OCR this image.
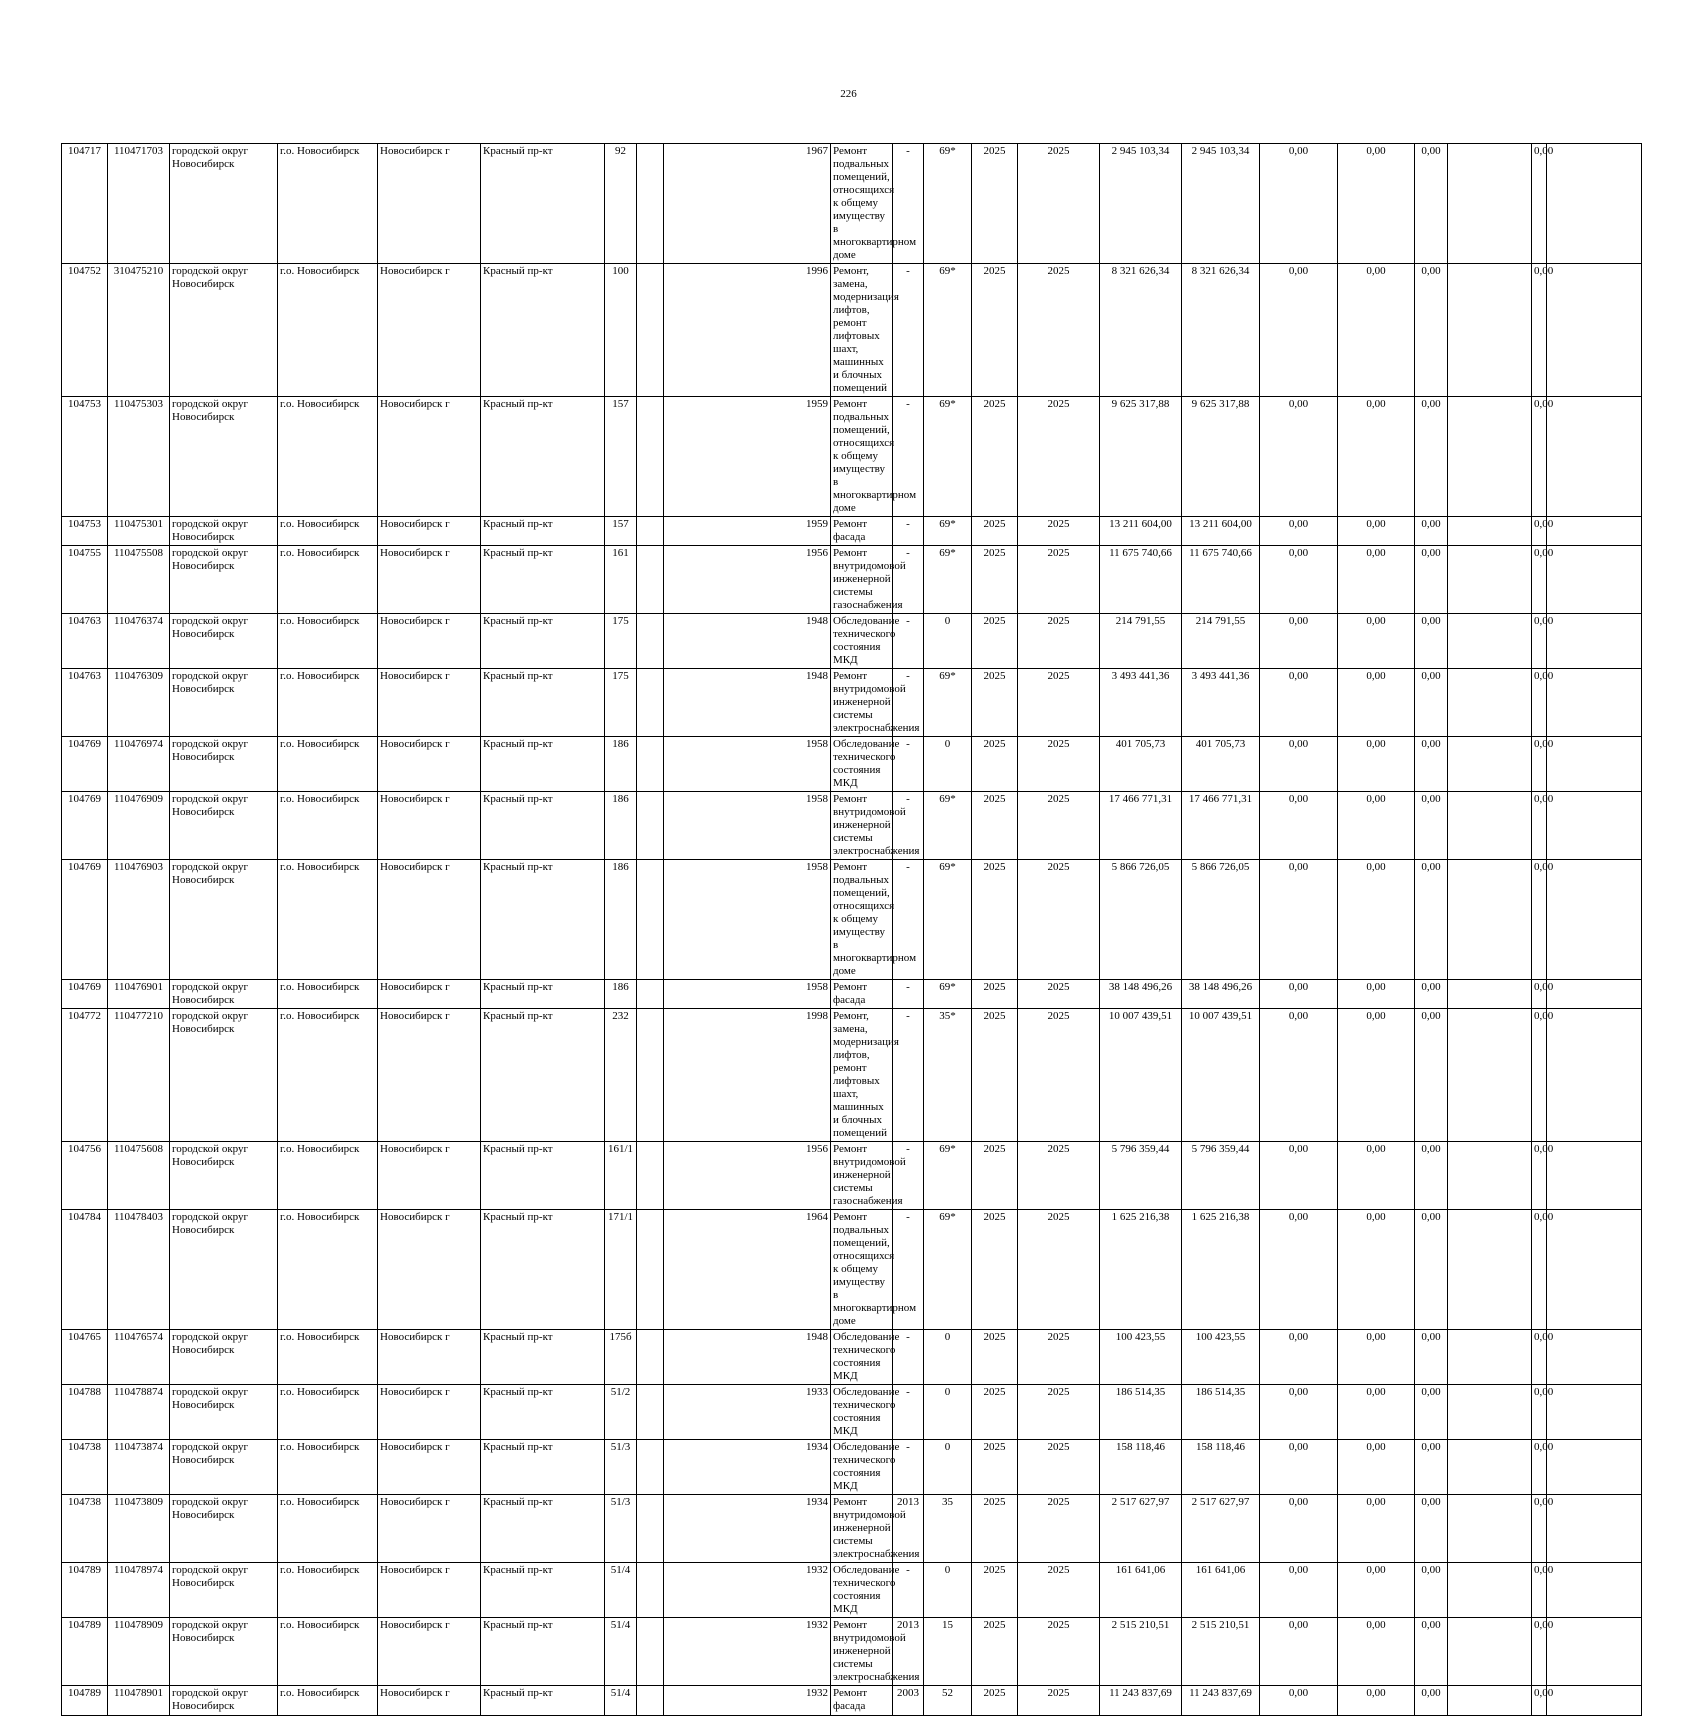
226
104717	110471703	городской округ Новосибирск	г.о. Новосибирск	Новосибирск г	Красный пр-кт	92		1967	Ремонт подвальных помещений, относящихся к общему имуществу в многоквартирном доме	-	69*	2025	2025	2 945 103,34	2 945 103,34	0,00	0,00	0,00		0,00	
104752	310475210	городской округ Новосибирск	г.о. Новосибирск	Новосибирск г	Красный пр-кт	100		1996	Ремонт, замена, модернизация лифтов, ремонт лифтовых шахт, машинных и блочных помещений	-	69*	2025	2025	8 321 626,34	8 321 626,34	0,00	0,00	0,00		0,00	
104753	110475303	городской округ Новосибирск	г.о. Новосибирск	Новосибирск г	Красный пр-кт	157		1959	Ремонт подвальных помещений, относящихся к общему имуществу в многоквартирном доме	-	69*	2025	2025	9 625 317,88	9 625 317,88	0,00	0,00	0,00		0,00	
104753	110475301	городской округ Новосибирск	г.о. Новосибирск	Новосибирск г	Красный пр-кт	157		1959	Ремонт фасада	-	69*	2025	2025	13 211 604,00	13 211 604,00	0,00	0,00	0,00		0,00	
104755	110475508	городской округ Новосибирск	г.о. Новосибирск	Новосибирск г	Красный пр-кт	161		1956	Ремонт внутридомовой инженерной системы газоснабжения	-	69*	2025	2025	11 675 740,66	11 675 740,66	0,00	0,00	0,00		0,00	
104763	110476374	городской округ Новосибирск	г.о. Новосибирск	Новосибирск г	Красный пр-кт	175		1948	Обследование технического состояния МКД	-	0	2025	2025	214 791,55	214 791,55	0,00	0,00	0,00		0,00	
104763	110476309	городской округ Новосибирск	г.о. Новосибирск	Новосибирск г	Красный пр-кт	175		1948	Ремонт внутридомовой инженерной системы электроснабжения	-	69*	2025	2025	3 493 441,36	3 493 441,36	0,00	0,00	0,00		0,00	
104769	110476974	городской округ Новосибирск	г.о. Новосибирск	Новосибирск г	Красный пр-кт	186		1958	Обследование технического состояния МКД	-	0	2025	2025	401 705,73	401 705,73	0,00	0,00	0,00		0,00	
104769	110476909	городской округ Новосибирск	г.о. Новосибирск	Новосибирск г	Красный пр-кт	186		1958	Ремонт внутридомовой инженерной системы электроснабжения	-	69*	2025	2025	17 466 771,31	17 466 771,31	0,00	0,00	0,00		0,00	
104769	110476903	городской округ Новосибирск	г.о. Новосибирск	Новосибирск г	Красный пр-кт	186		1958	Ремонт подвальных помещений, относящихся к общему имуществу в многоквартирном доме	-	69*	2025	2025	5 866 726,05	5 866 726,05	0,00	0,00	0,00		0,00	
104769	110476901	городской округ Новосибирск	г.о. Новосибирск	Новосибирск г	Красный пр-кт	186		1958	Ремонт фасада	-	69*	2025	2025	38 148 496,26	38 148 496,26	0,00	0,00	0,00		0,00	
104772	110477210	городской округ Новосибирск	г.о. Новосибирск	Новосибирск г	Красный пр-кт	232		1998	Ремонт, замена, модернизация лифтов, ремонт лифтовых шахт, машинных и блочных помещений	-	35*	2025	2025	10 007 439,51	10 007 439,51	0,00	0,00	0,00		0,00	
104756	110475608	городской округ Новосибирск	г.о. Новосибирск	Новосибирск г	Красный пр-кт	161/1		1956	Ремонт внутридомовой инженерной системы газоснабжения	-	69*	2025	2025	5 796 359,44	5 796 359,44	0,00	0,00	0,00		0,00	
104784	110478403	городской округ Новосибирск	г.о. Новосибирск	Новосибирск г	Красный пр-кт	171/1		1964	Ремонт подвальных помещений, относящихся к общему имуществу в многоквартирном доме	-	69*	2025	2025	1 625 216,38	1 625 216,38	0,00	0,00	0,00		0,00	
104765	110476574	городской округ Новосибирск	г.о. Новосибирск	Новосибирск г	Красный пр-кт	175б		1948	Обследование технического состояния МКД	-	0	2025	2025	100 423,55	100 423,55	0,00	0,00	0,00		0,00	
104788	110478874	городской округ Новосибирск	г.о. Новосибирск	Новосибирск г	Красный пр-кт	51/2		1933	Обследование технического состояния МКД	-	0	2025	2025	186 514,35	186 514,35	0,00	0,00	0,00		0,00	
104738	110473874	городской округ Новосибирск	г.о. Новосибирск	Новосибирск г	Красный пр-кт	51/3		1934	Обследование технического состояния МКД	-	0	2025	2025	158 118,46	158 118,46	0,00	0,00	0,00		0,00	
104738	110473809	городской округ Новосибирск	г.о. Новосибирск	Новосибирск г	Красный пр-кт	51/3		1934	Ремонт внутридомовой инженерной системы электроснабжения	2013	35	2025	2025	2 517 627,97	2 517 627,97	0,00	0,00	0,00		0,00	
104789	110478974	городской округ Новосибирск	г.о. Новосибирск	Новосибирск г	Красный пр-кт	51/4		1932	Обследование технического состояния МКД	-	0	2025	2025	161 641,06	161 641,06	0,00	0,00	0,00		0,00	
104789	110478909	городской округ Новосибирск	г.о. Новосибирск	Новосибирск г	Красный пр-кт	51/4		1932	Ремонт внутридомовой инженерной системы электроснабжения	2013	15	2025	2025	2 515 210,51	2 515 210,51	0,00	0,00	0,00		0,00	
104789	110478901	городской округ Новосибирск	г.о. Новосибирск	Новосибирск г	Красный пр-кт	51/4		1932	Ремонт фасада	2003	52	2025	2025	11 243 837,69	11 243 837,69	0,00	0,00	0,00		0,00	
